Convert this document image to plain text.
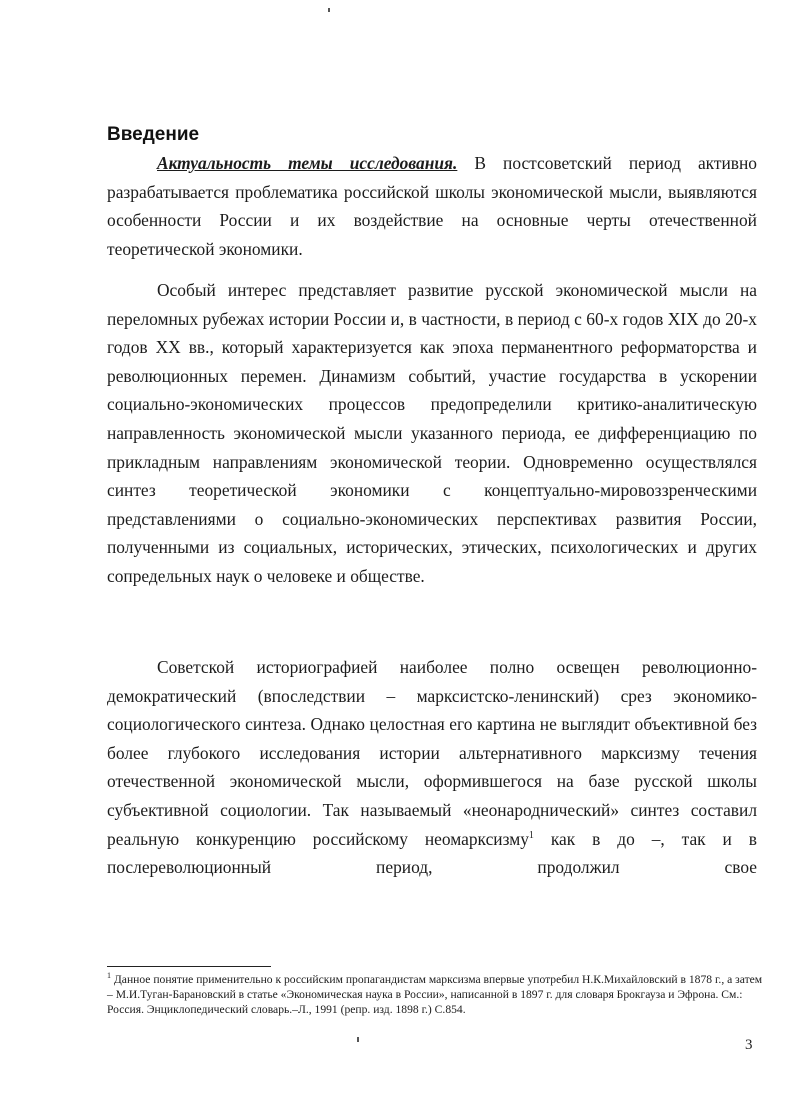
Введение

Актуальность темы исследования. В постсоветский период активно разрабатывается проблематика российской школы экономической мысли, выявляются особенности России и их воздействие на основные черты отечественной теоретической экономики.

Особый интерес представляет развитие русской экономической мысли на переломных рубежах истории России и, в частности, в период с 60-х годов XIX до 20-х годов XX вв., который характеризуется как эпоха перманентного реформаторства и революционных перемен. Динамизм событий, участие государства в ускорении социально-экономических процессов предопределили критико-аналитическую направленность экономической мысли указанного периода, ее дифференциацию по прикладным направлениям экономической теории. Одновременно осуществлялся синтез теоретической экономики с концептуально-мировоззренческими представлениями о социально-экономических перспективах развития России, полученными из социальных, исторических, этических, психологических и других сопредельных наук о человеке и обществе.

Советской историографией наиболее полно освещен революционно-демократический (впоследствии – марксистско-ленинский) срез экономико-социологического синтеза. Однако целостная его картина не выглядит объективной без более глубокого исследования истории альтернативного марксизму течения отечественной экономической мысли, оформившегося на базе русской школы субъективной социологии. Так называемый «неонароднический» синтез составил реальную конкуренцию российскому неомарксизму$^1$ как в до –, так и в послереволюционный период, продолжил свое

$^1$ Данное понятие применительно к российским пропагандистам марксизма впервые употребил Н.К.Михайловский в 1878 г., а затем – М.И.Туган-Барановский в статье «Экономическая наука в России», написанной в 1897 г. для словаря Брокгауза и Эфрона. См.: Россия. Энциклопедический словарь.–Л., 1991 (репр. изд. 1898 г.) С.854.

3
